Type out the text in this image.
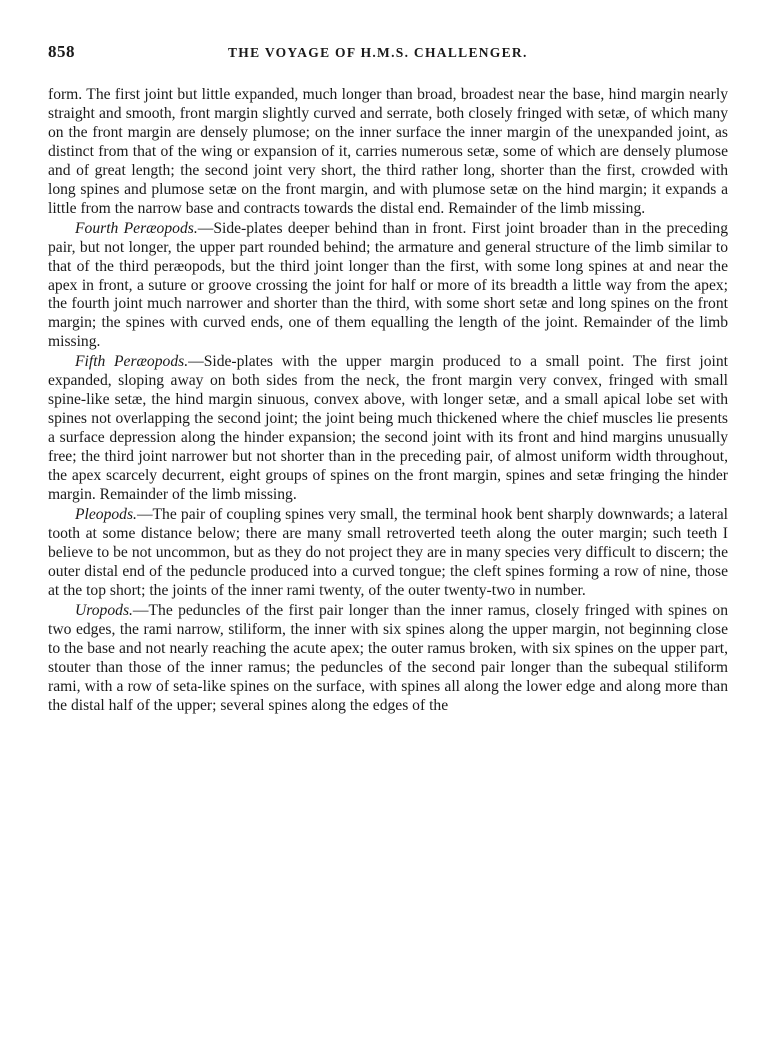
858	THE VOYAGE OF H.M.S. CHALLENGER.

form. The first joint but little expanded, much longer than broad, broadest near the base, hind margin nearly straight and smooth, front margin slightly curved and serrate, both closely fringed with setæ, of which many on the front margin are densely plumose; on the inner surface the inner margin of the unexpanded joint, as distinct from that of the wing or expansion of it, carries numerous setæ, some of which are densely plumose and of great length; the second joint very short, the third rather long, shorter than the first, crowded with long spines and plumose setæ on the front margin, and with plumose setæ on the hind margin; it expands a little from the narrow base and contracts towards the distal end. Remainder of the limb missing.

Fourth Peræopods.—Side-plates deeper behind than in front. First joint broader than in the preceding pair, but not longer, the upper part rounded behind; the armature and general structure of the limb similar to that of the third peræopods, but the third joint longer than the first, with some long spines at and near the apex in front, a suture or groove crossing the joint for half or more of its breadth a little way from the apex; the fourth joint much narrower and shorter than the third, with some short setæ and long spines on the front margin; the spines with curved ends, one of them equalling the length of the joint. Remainder of the limb missing.

Fifth Peræopods.—Side-plates with the upper margin produced to a small point. The first joint expanded, sloping away on both sides from the neck, the front margin very convex, fringed with small spine-like setæ, the hind margin sinuous, convex above, with longer setæ, and a small apical lobe set with spines not overlapping the second joint; the joint being much thickened where the chief muscles lie presents a surface depression along the hinder expansion; the second joint with its front and hind margins unusually free; the third joint narrower but not shorter than in the preceding pair, of almost uniform width throughout, the apex scarcely decurrent, eight groups of spines on the front margin, spines and setæ fringing the hinder margin. Remainder of the limb missing.

Pleopods.—The pair of coupling spines very small, the terminal hook bent sharply downwards; a lateral tooth at some distance below; there are many small retroverted teeth along the outer margin; such teeth I believe to be not uncommon, but as they do not project they are in many species very difficult to discern; the outer distal end of the peduncle produced into a curved tongue; the cleft spines forming a row of nine, those at the top short; the joints of the inner rami twenty, of the outer twenty-two in number.

Uropods.—The peduncles of the first pair longer than the inner ramus, closely fringed with spines on two edges, the rami narrow, stiliform, the inner with six spines along the upper margin, not beginning close to the base and not nearly reaching the acute apex; the outer ramus broken, with six spines on the upper part, stouter than those of the inner ramus; the peduncles of the second pair longer than the subequal stiliform rami, with a row of seta-like spines on the surface, with spines all along the lower edge and along more than the distal half of the upper; several spines along the edges of the
